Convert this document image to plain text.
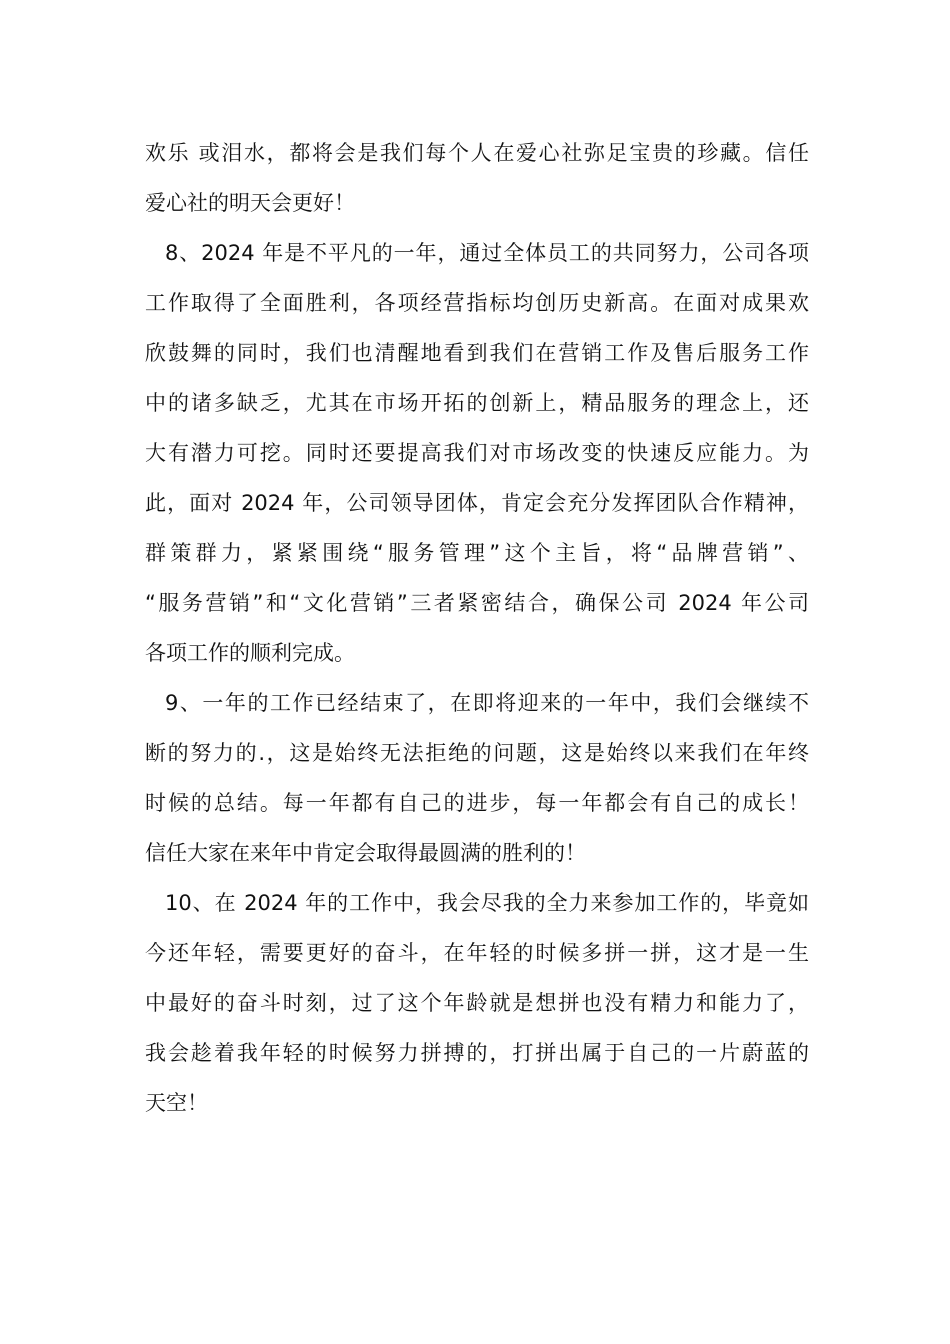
欢乐 或泪水，都将会是我们每个人在爱心社弥足宝贵的珍藏。信任
爱心社的明天会更好！
8、2024 年是不平凡的一年，通过全体员工的共同努力，公司各项
工作取得了全面胜利，各项经营指标均创历史新高。在面对成果欢
欣鼓舞的同时，我们也清醒地看到我们在营销工作及售后服务工作
中的诸多缺乏，尤其在市场开拓的创新上，精品服务的理念上，还
大有潜力可挖。同时还要提高我们对市场改变的快速反应能力。为
此，面对 2024 年，公司领导团体，肯定会充分发挥团队合作精神，
群策群力，紧紧围绕“服务管理”这个主旨，将“品牌营销”、
“服务营销”和“文化营销”三者紧密结合，确保公司 2024 年公司
各项工作的顺利完成。
9、一年的工作已经结束了，在即将迎来的一年中，我们会继续不
断的努力的.，这是始终无法拒绝的问题，这是始终以来我们在年终
时候的总结。每一年都有自己的进步，每一年都会有自己的成长！
信任大家在来年中肯定会取得最圆满的胜利的！
10、在 2024 年的工作中，我会尽我的全力来参加工作的，毕竟如
今还年轻，需要更好的奋斗，在年轻的时候多拼一拼，这才是一生
中最好的奋斗时刻，过了这个年龄就是想拼也没有精力和能力了，
我会趁着我年轻的时候努力拼搏的，打拼出属于自己的一片蔚蓝的
天空！
